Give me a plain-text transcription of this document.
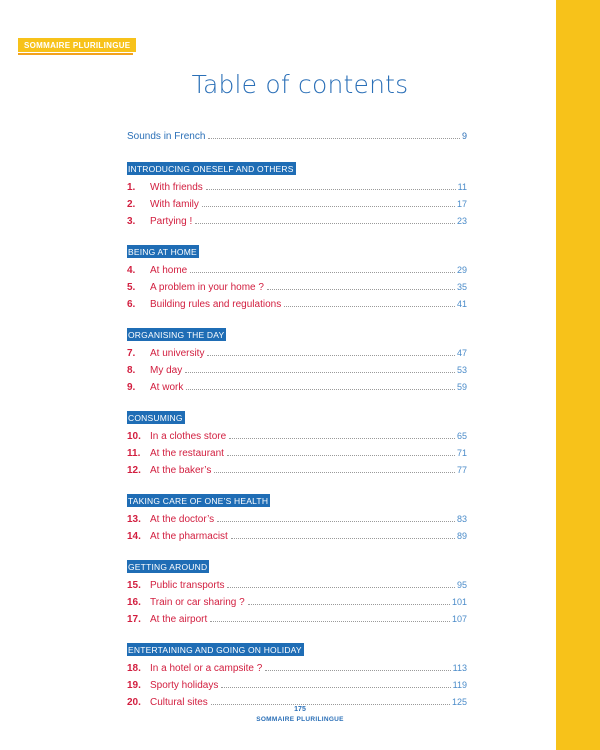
SOMMAIRE PLURILINGUE
Table of contents
Sounds in French	9
INTRODUCING ONESELF AND OTHERS
1.	With friends	11
2.	With family	17
3.	Partying !	23
BEING AT HOME
4.	At home	29
5.	A problem in your home ?	35
6.	Building rules and regulations	41
ORGANISING THE DAY
7.	At university	47
8.	My day	53
9.	At work	59
CONSUMING
10. In a clothes store	65
11. At the restaurant	71
12. At the baker’s	77
TAKING CARE OF ONE’S HEALTH
13. At the doctor’s	83
14. At the pharmacist	89
GETTING AROUND
15. Public transports	95
16. Train or car sharing ?	101
17. At the airport	107
ENTERTAINING AND GOING ON HOLIDAY
18. In a hotel or a campsite ?	113
19. Sporty holidays	119
20. Cultural sites	125
175
SOMMAIRE PLURILINGUE
